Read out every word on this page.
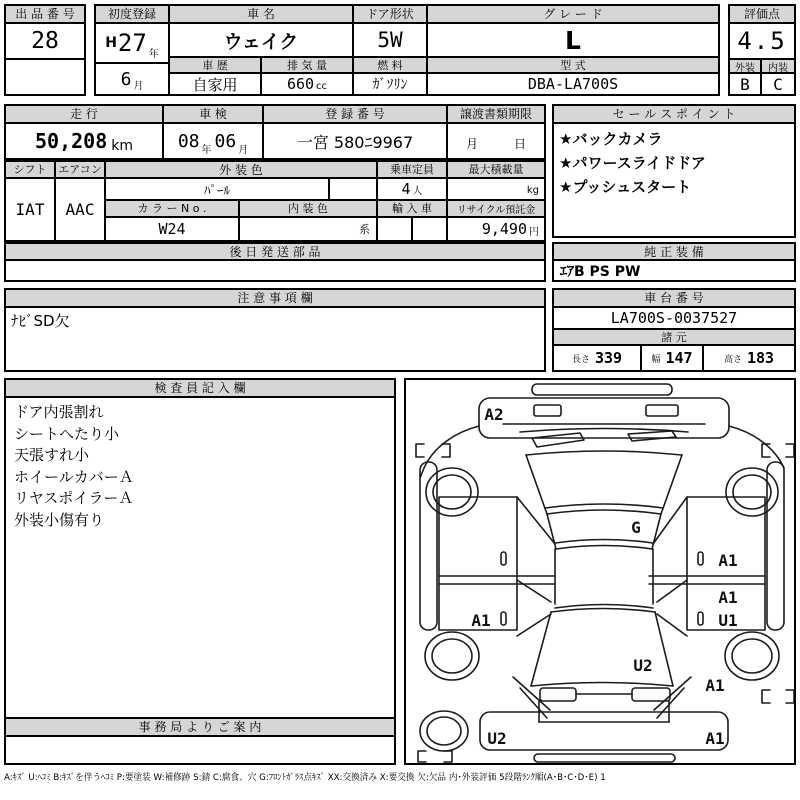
出 品 番 号
28
初度登録
H 27 年
6 月
車 名
ウェイク
車 歴
自家用
排 気 量
660 cc
ドア形状
5W
燃 料
ｶﾞｿﾘﾝ
グ レ ー ド
L
型 式
DBA-LA700S
評価点
4.5
外装	内装
B	C
走 行
50,208 km
車 検
08 年 06 月
登 録 番 号
一宮 580ﾆ9967
譲渡書類期限
月	日
シフト
IAT
エアコン
AAC
外 装 色
ﾊﾟｰﾙ
カ ラ ー N o .	内 装 色
W24	系
乗車定員
4 人
輸 入 車
最大積載量
kg
リサイクル預託金
9,490 円
後 日 発 送 部 品
セ ー ル ス ポ イ ン ト
★バックカメラ
★パワースライドドア
★プッシュスタート
純 正 装 備
ｴｱB PS PW
注 意 事 項 欄
ﾅﾋﾞSD欠
車 台 番 号
LA700S-0037527
諸 元
長さ 339	幅 147	高さ 183
検 査 員 記 入 欄
ドア内張割れ
シートへたり小
天張すれ小
ホイールカバーＡ
リヤスポイラーＡ
外装小傷有り
事 務 局 よ り ご 案 内
A2
G
A1
A1
U1
A1
U2
A1
U2	A1
A:ｷｽﾞ U:ﾍｺﾐ B:ｷｽﾞを伴うﾍｺﾐ P:要塗装 W:補修跡 S:錆 C:腐食、穴 G:ﾌﾛﾝﾄｶﾞﾗｽ点ｷｽﾞ XX:交換済み X:要交換 欠:欠品 内･外装評価 5段階ﾗﾝｸ順(A･B･C･D･E) 1
